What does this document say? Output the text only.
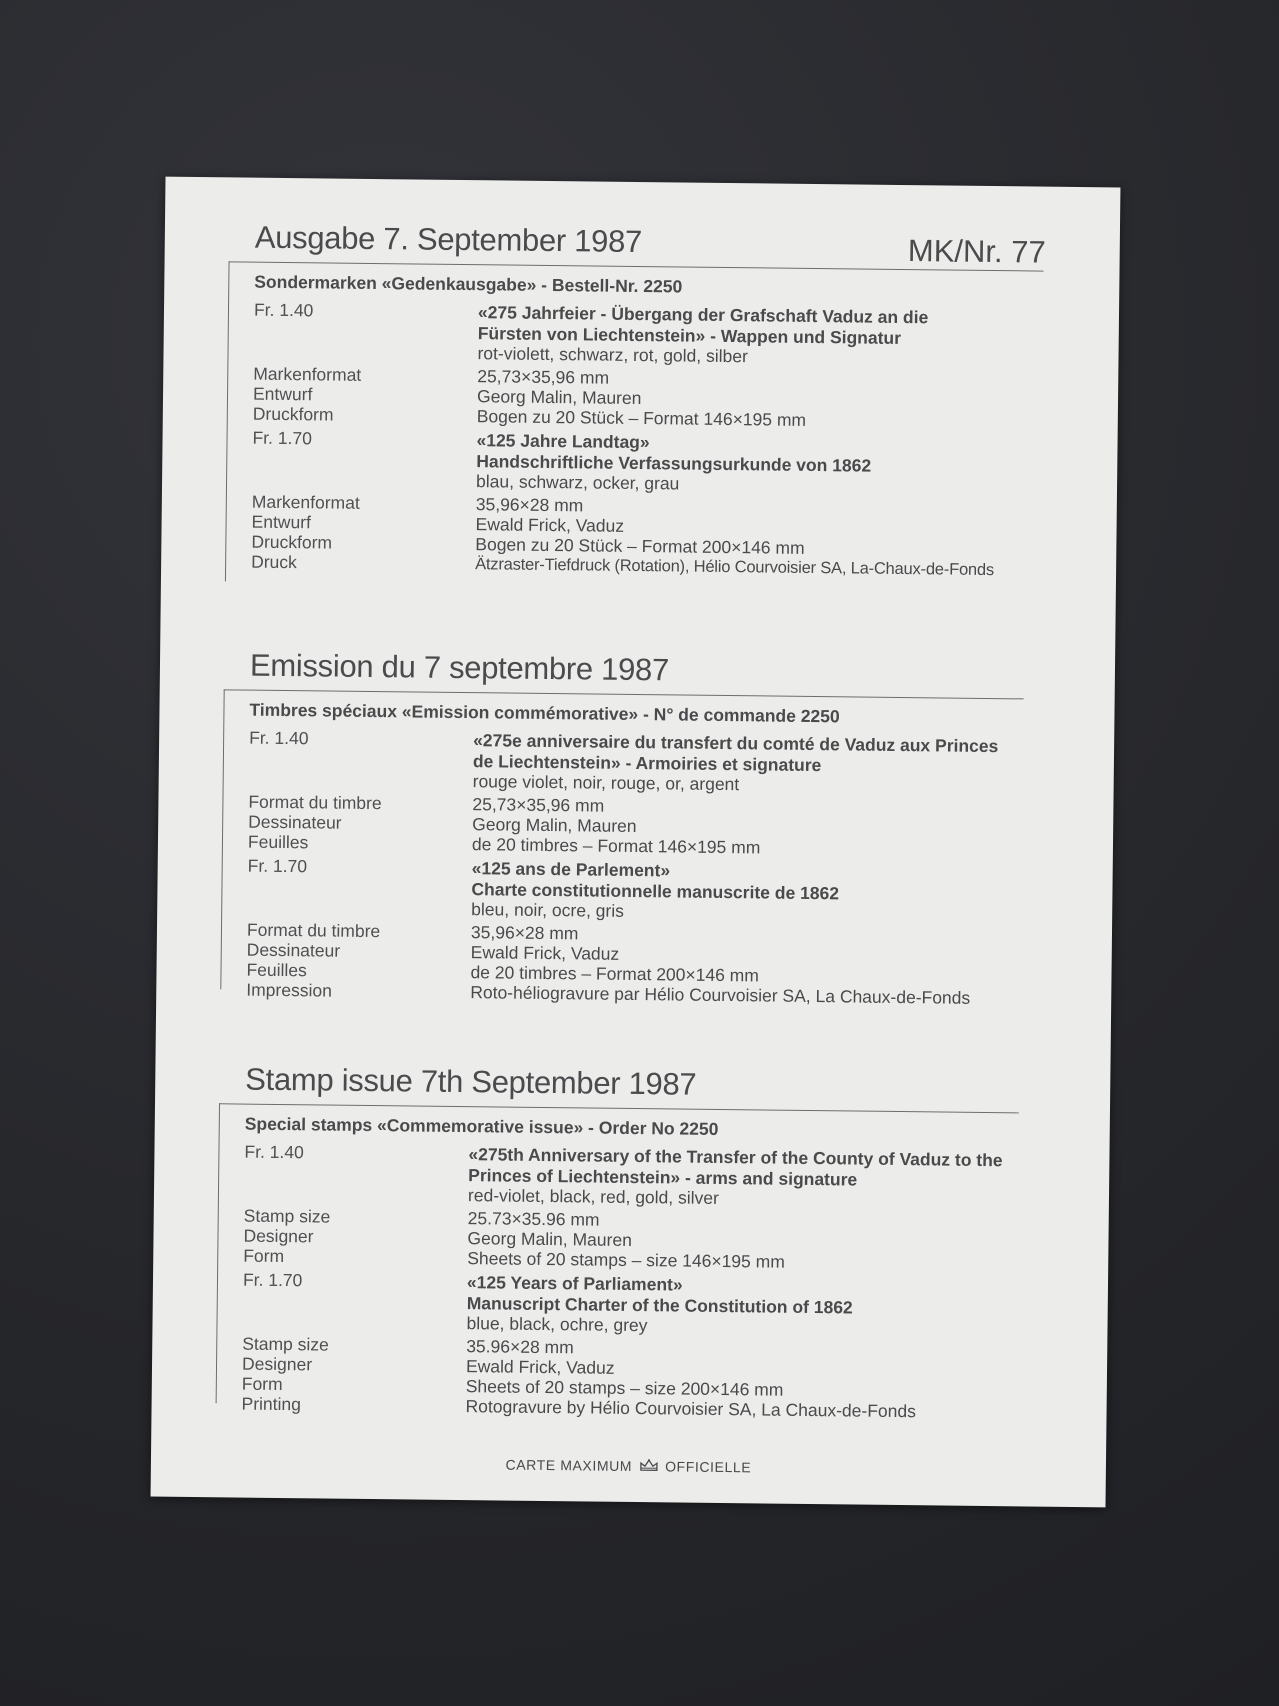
Ausgabe 7. September 1987	MK/Nr. 77
Sondermarken «Gedenkausgabe» - Bestell-Nr. 2250
Fr. 1.40	«275 Jahrfeier - Übergang der Grafschaft Vaduz an die
Fürsten von Liechtenstein» - Wappen und Signatur
rot-violett, schwarz, rot, gold, silber
Markenformat	25,73×35,96 mm
Entwurf	Georg Malin, Mauren
Druckform	Bogen zu 20 Stück – Format 146×195 mm
Fr. 1.70	«125 Jahre Landtag»
Handschriftliche Verfassungsurkunde von 1862
blau, schwarz, ocker, grau
Markenformat	35,96×28 mm
Entwurf	Ewald Frick, Vaduz
Druckform	Bogen zu 20 Stück – Format 200×146 mm
Druck	Ätzraster-Tiefdruck (Rotation), Hélio Courvoisier SA, La-Chaux-de-Fonds
Emission du 7 septembre 1987
Timbres spéciaux «Emission commémorative» - N° de commande 2250
Fr. 1.40	«275e anniversaire du transfert du comté de Vaduz aux Princes
de Liechtenstein» - Armoiries et signature
rouge violet, noir, rouge, or, argent
Format du timbre	25,73×35,96 mm
Dessinateur	Georg Malin, Mauren
Feuilles	de 20 timbres – Format 146×195 mm
Fr. 1.70	«125 ans de Parlement»
Charte constitutionnelle manuscrite de 1862
bleu, noir, ocre, gris
Format du timbre	35,96×28 mm
Dessinateur	Ewald Frick, Vaduz
Feuilles	de 20 timbres – Format 200×146 mm
Impression	Roto-héliogravure par Hélio Courvoisier SA, La Chaux-de-Fonds
Stamp issue 7th September 1987
Special stamps «Commemorative issue» - Order No 2250
Fr. 1.40	«275th Anniversary of the Transfer of the County of Vaduz to the
Princes of Liechtenstein» - arms and signature
red-violet, black, red, gold, silver
Stamp size	25.73×35.96 mm
Designer	Georg Malin, Mauren
Form	Sheets of 20 stamps – size 146×195 mm
Fr. 1.70	«125 Years of Parliament»
Manuscript Charter of the Constitution of 1862
blue, black, ochre, grey
Stamp size	35.96×28 mm
Designer	Ewald Frick, Vaduz
Form	Sheets of 20 stamps – size 200×146 mm
Printing	Rotogravure by Hélio Courvoisier SA, La Chaux-de-Fonds
CARTE MAXIMUM OFFICIELLE
